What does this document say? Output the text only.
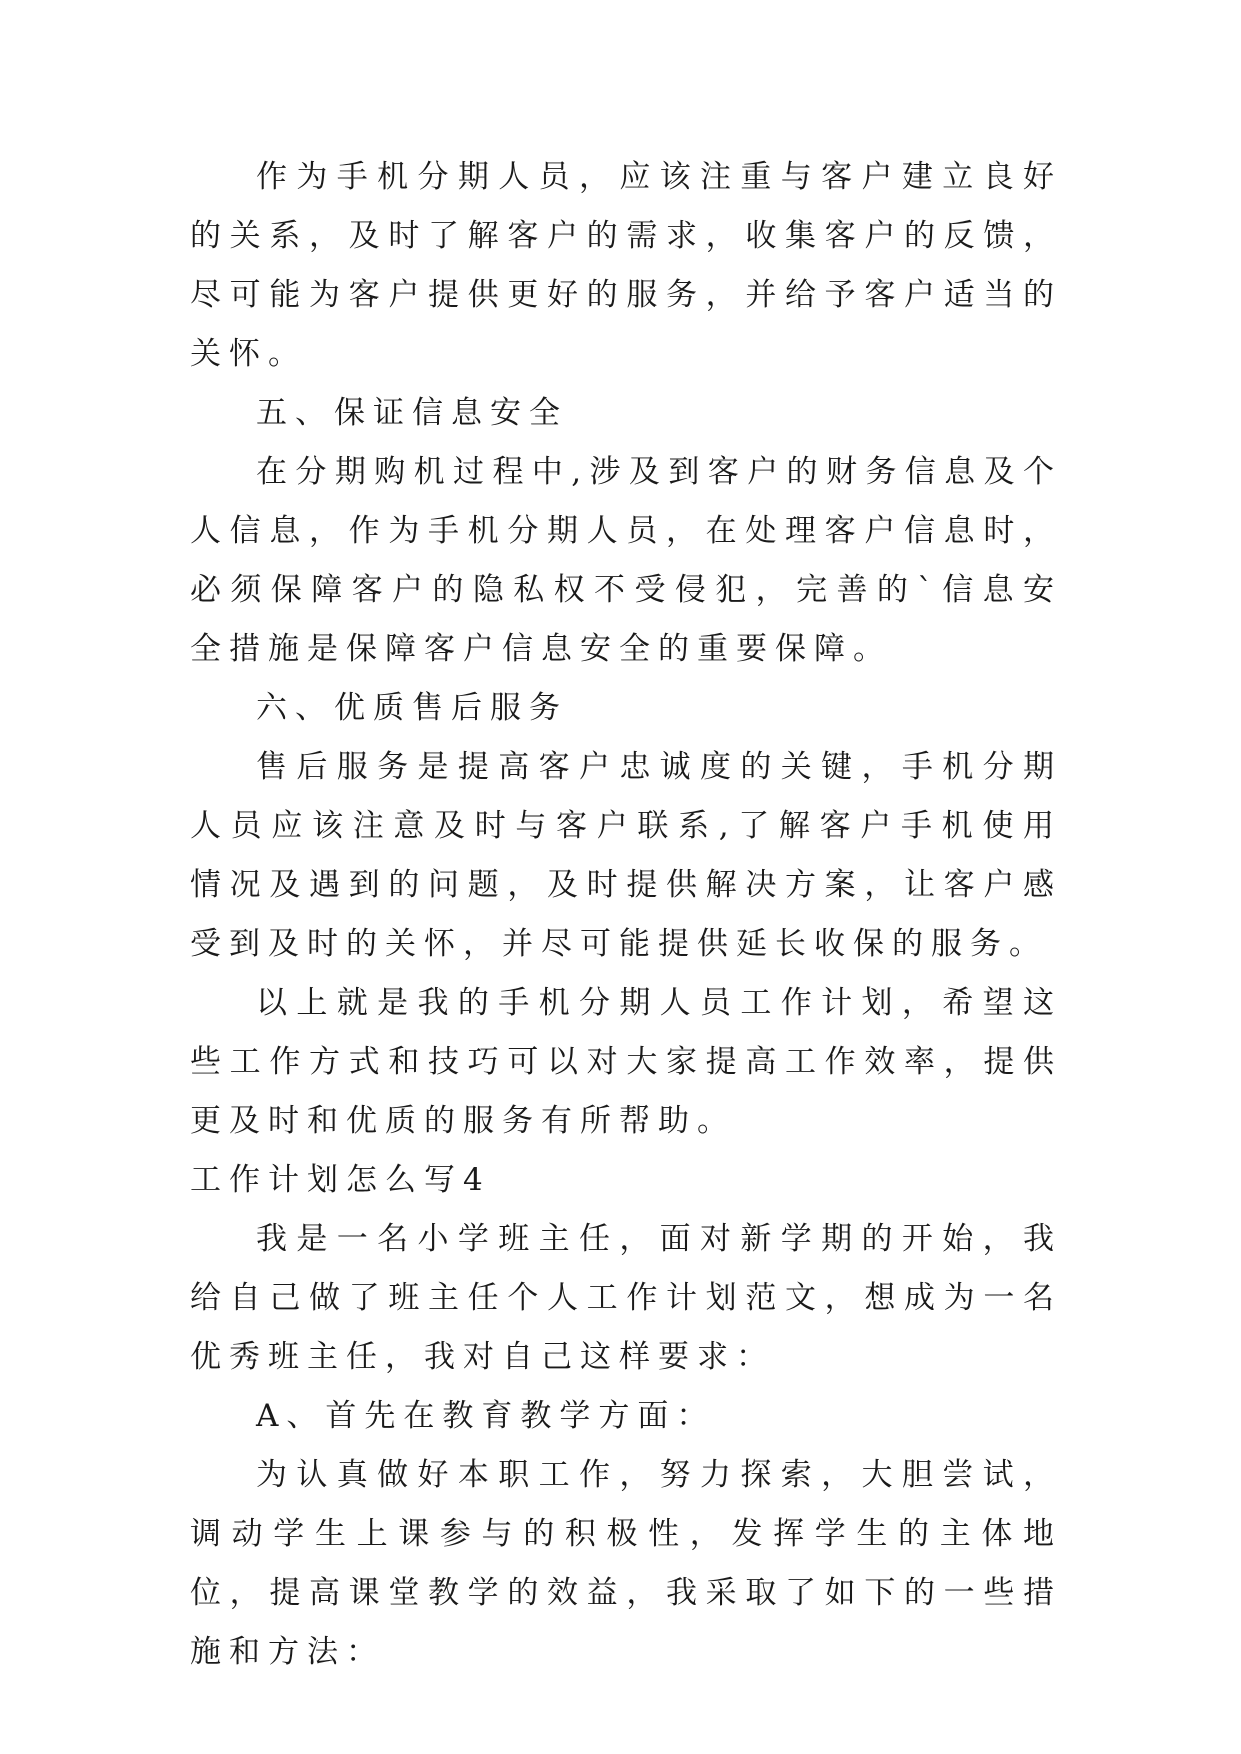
作为手机分期人员，应该注重与客户建立良好的关系，及时了解客户的需求，收集客户的反馈，尽可能为客户提供更好的服务，并给予客户适当的关怀。

五、保证信息安全

在分期购机过程中,涉及到客户的财务信息及个人信息，作为手机分期人员，在处理客户信息时，必须保障客户的隐私权不受侵犯，完善的`信息安全措施是保障客户信息安全的重要保障。

六、优质售后服务

售后服务是提高客户忠诚度的关键，手机分期人员应该注意及时与客户联系,了解客户手机使用情况及遇到的问题，及时提供解决方案，让客户感受到及时的关怀，并尽可能提供延长收保的服务。

以上就是我的手机分期人员工作计划，希望这些工作方式和技巧可以对大家提高工作效率，提供更及时和优质的服务有所帮助。

工作计划怎么写4

我是一名小学班主任，面对新学期的开始，我给自己做了班主任个人工作计划范文，想成为一名优秀班主任，我对自己这样要求：

A、首先在教育教学方面：

为认真做好本职工作，努力探索，大胆尝试，调动学生上课参与的积极性，发挥学生的主体地位，提高课堂教学的效益，我采取了如下的一些措施和方法：
